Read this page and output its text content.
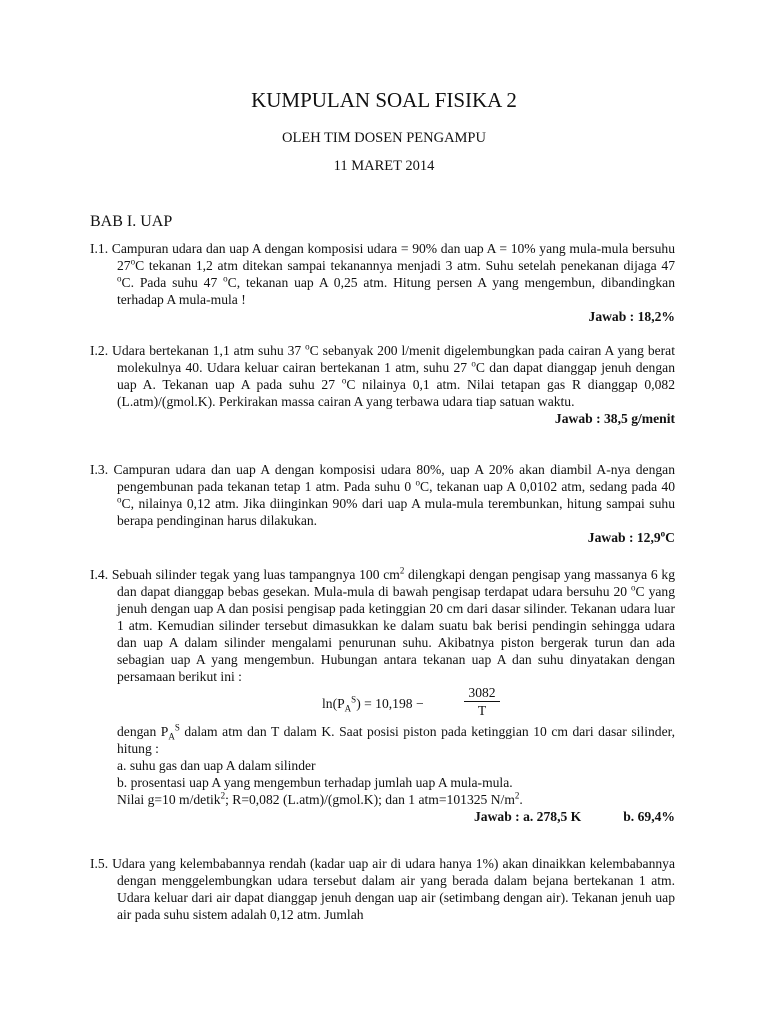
KUMPULAN SOAL FISIKA 2
OLEH TIM DOSEN PENGAMPU
11 MARET 2014
BAB I. UAP

I.1. Campuran udara dan uap A dengan komposisi udara = 90% dan uap A = 10% yang mula-mula bersuhu 27$^o$C tekanan 1,2 atm ditekan sampai tekanannya menjadi 3 atm. Suhu setelah penekanan dijaga 47 $^o$C. Pada suhu 47 $^o$C, tekanan uap A 0,25 atm. Hitung persen A yang mengembun, dibandingkan terhadap A mula-mula !

Jawab : 18,2%

I.2. Udara bertekanan 1,1 atm suhu 37 $^o$C sebanyak 200 l/menit digelembungkan pada cairan A yang berat molekulnya 40. Udara keluar cairan bertekanan 1 atm, suhu 27 $^o$C dan dapat dianggap jenuh dengan uap A. Tekanan uap A pada suhu 27 $^o$C nilainya 0,1 atm. Nilai tetapan gas R dianggap 0,082 (L.atm)/(gmol.K). Perkirakan massa cairan A yang terbawa udara tiap satuan waktu.

Jawab : 38,5 g/menit

I.3. Campuran udara dan uap A dengan komposisi udara 80%, uap A 20% akan diambil A-nya dengan pengembunan pada tekanan tetap 1 atm. Pada suhu 0 $^o$C, tekanan uap A 0,0102 atm, sedang pada 40 $^o$C, nilainya 0,12 atm. Jika diinginkan 90% dari uap A mula-mula terembunkan, hitung sampai suhu berapa pendinginan harus dilakukan.

Jawab : 12,9$^o$C

I.4. Sebuah silinder tegak yang luas tampangnya 100 $cm^2$ dilengkapi dengan pengisap yang massanya 6 kg dan dapat dianggap bebas gesekan. Mula-mula di bawah pengisap terdapat udara bersuhu 20 $^o$C yang jenuh dengan uap A dan posisi pengisap pada ketinggian 20 cm dari dasar silinder. Tekanan udara luar 1 atm. Kemudian silinder tersebut dimasukkan ke dalam suatu bak berisi pendingin sehingga udara dan uap A dalam silinder mengalami penurunan suhu. Akibatnya piston bergerak turun dan ada sebagian uap A yang mengembun. Hubungan antara tekanan uap A dan suhu dinyatakan dengan persamaan berikut ini :

$\ln(P_A^S) = 10,198$ −	$\frac{3082}{T}$
dengan $P_A^S$ dalam atm dan T dalam K. Saat posisi piston pada ketinggian 10 cm dari dasar silinder, hitung :
a. suhu gas dan uap A dalam silinder
b. prosentasi uap A yang mengembun terhadap jumlah uap A mula-mula.
Nilai g=10 m/detik$^2$; R=0,082 (L.atm)/(gmol.K); dan 1 atm=101325 $N/m^2$.
Jawab : a. 278,5 K	b. 69,4%

I.5. Udara yang kelembabannya rendah (kadar uap air di udara hanya 1%) akan dinaikkan kelembabannya dengan menggelembungkan udara tersebut dalam air yang berada dalam bejana bertekanan 1 atm. Udara keluar dari air dapat dianggap jenuh dengan uap air (setimbang dengan air). Tekanan jenuh uap air pada suhu sistem adalah 0,12 atm. Jumlah
